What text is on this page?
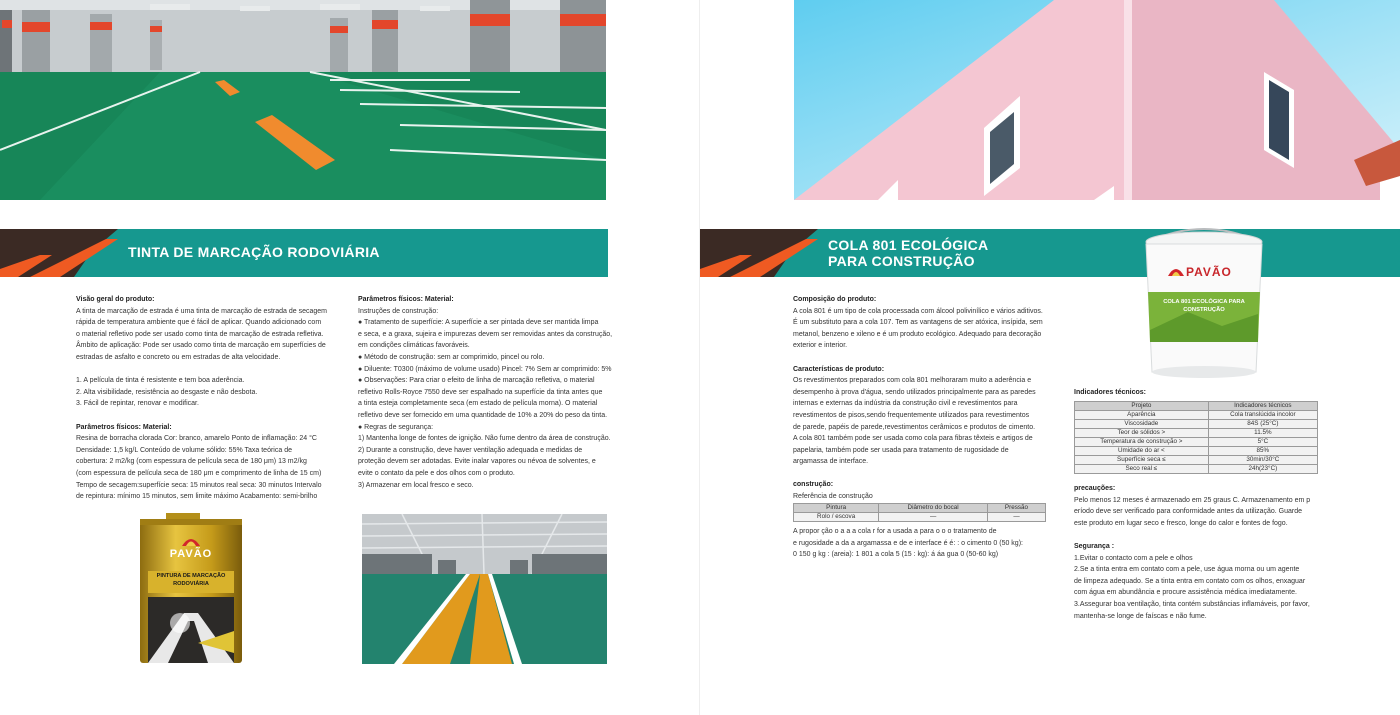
TINTA DE MARCAÇÃO RODOVIÁRIA

Visão geral do produto:

A tinta de marcação de estrada é uma tinta de marcação de estrada de secagem

rápida de temperatura ambiente que é fácil de aplicar. Quando adicionado com

o material refletivo pode ser usado como tinta de marcação de estrada refletiva.

Âmbito de aplicação: Pode ser usado como tinta de marcação em superfícies de

estradas de asfalto e concreto ou em estradas de alta velocidade.

1. A película de tinta é resistente e tem boa aderência.

2. Alta visibilidade, resistência ao desgaste e não desbota.

3. Fácil de repintar, renovar e modificar.

Parâmetros físicos: Material:

Resina de borracha clorada Cor: branco, amarelo Ponto de inflamação: 24 °C

Densidade: 1,5 kg/L Conteúdo de volume sólido: 55% Taxa teórica de

cobertura: 2 m2/kg (com espessura de película seca de 180 μm) 13 m2/kg

(com espessura de película seca de 180 μm e comprimento de linha de 15 cm)

Tempo de secagem:superfície seca: 15 minutos real seca: 30 minutos Intervalo

de repintura: mínimo 15 minutos, sem limite máximo Acabamento: semi-brilho

Parâmetros físicos: Material:

Instruções de construção:

● Tratamento de superfície: A superfície a ser pintada deve ser mantida limpa

e seca, e a graxa, sujeira e impurezas devem ser removidas antes da construção,

em condições climáticas favoráveis.

● Método de construção: sem ar comprimido, pincel ou rolo.

● Diluente: T0300 (máximo de volume usado) Pincel: 7% Sem ar comprimido: 5%

● Observações: Para criar o efeito de linha de marcação refletiva, o material

refletivo Rolls-Royce 7550 deve ser espalhado na superfície da tinta antes que

a tinta esteja completamente seca (em estado de película morna). O material

refletivo deve ser fornecido em uma quantidade de 10% a 20% do peso da tinta.

● Regras de segurança:

1) Mantenha longe de fontes de ignição. Não fume dentro da área de construção.

2) Durante a construção, deve haver ventilação adequada e medidas de

proteção devem ser adotadas. Evite inalar vapores ou névoa de solventes, e

evite o contato da pele e dos olhos com o produto.

3) Armazenar em local fresco e seco.

PAVÃO
PINTURA DE MARCAÇÃO RODOVIÁRIA
COLA 801 ECOLÓGICA
PARA CONSTRUÇÃO
PAVÃO
COLA 801 ECOLÓGICA PARA
CONSTRUÇÃO

Composição do produto:

A cola 801 é um tipo de cola processada com álcool polivinílico e vários aditivos.

É um substituto para a cola 107. Tem as vantagens de ser atóxica, insípida, sem

metanol, benzeno e xileno e é um produto ecológico. Adequado para decoração

exterior e interior.

Características de produto:

Os revestimentos preparados com cola 801 melhoraram muito a aderência e

desempenho à prova d'água, sendo utilizados principalmente para as paredes

internas e externas da indústria da construção civil e revestimentos para

revestimentos de pisos,sendo frequentemente utilizados para revestimentos

de parede, papéis de parede,revestimentos cerâmicos e produtos de cimento.

A cola 801 também pode ser usada como cola para fibras têxteis e artigos de

papelaria, também pode ser usada para tratamento de rugosidade de

argamassa de interface.

construção:

Referência de construção

Pintura	Diâmetro do bocal	Pressão
Rolo / escova	—	—

A propor ção o a a a cola r for a usada a para o o o tratamento de

e rugosidade a da a argamassa e de e interface é é: : o cimento 0 (50 kg):

0 150 g kg : (areia): 1 801 a cola 5 (15 : kg): á áa gua 0 (50-60 kg)

Indicadores técnicos:

Projeto	Indicadores técnicos
Aparência	Cola translúcida incolor
Viscosidade	84S (25°C)
Teor de sólidos >	11.5%
Temperatura de construção >	5°C
Umidade do ar <	85%
Superfície seca ≤	30min/30°C
Seco real ≤	24h(23°C)

precauções:

Pelo menos 12 meses é armazenado em 25 graus C. Armazenamento em p

eríodo deve ser verificado para conformidade antes da utilização. Guarde

este produto em lugar seco e fresco, longe do calor e fontes de fogo.

Segurança :

1.Evitar o contacto com a pele e olhos

2.Se a tinta entra em contato com a pele, use água morna ou um agente

de limpeza adequado. Se a tinta entra em contato com os olhos, enxaguar

com água em abundância e procure assistência médica imediatamente.

3.Assegurar boa ventilação, tinta contém substâncias inflamáveis, por favor,

mantenha-se longe de faíscas e não fume.
